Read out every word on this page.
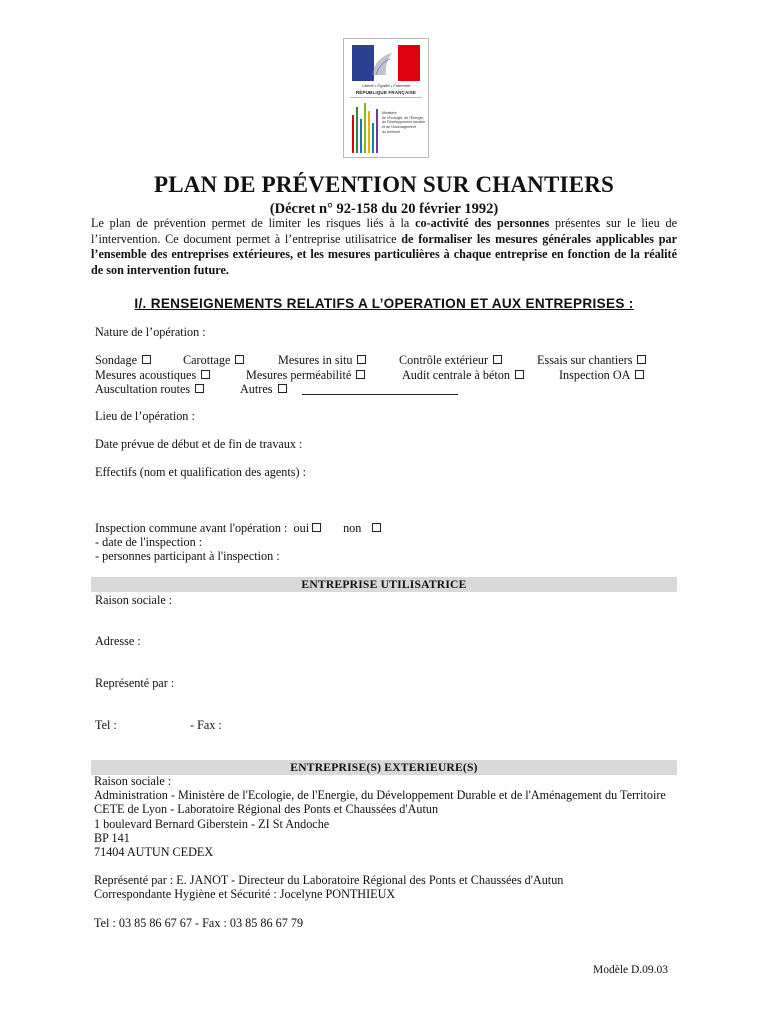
Liberté • Égalité • Fraternité
RÉPUBLIQUE FRANÇAISE
Ministère
de l'Écologie, de l'Énergie,
du Développement durable
et de l'Aménagement
du territoire
PLAN DE PRÉVENTION SUR CHANTIERS
(Décret n° 92-158 du 20 février 1992)
Le plan de prévention permet de limiter les risques liés à la co-activité des personnes présentes sur le lieu de l’intervention. Ce document permet à l’entreprise utilisatrice de formaliser les mesures générales applicables par l’ensemble des entreprises extérieures, et les mesures particulières à chaque entreprise en fonction de la réalité de son intervention future.
I/. RENSEIGNEMENTS RELATIFS A L’OPERATION ET AUX ENTREPRISES :
Nature de l’opération :
Sondage	Carottage	Mesures in situ	Contrôle extérieur	Essais sur chantiers
Mesures acoustiques	Mesures perméabilité	Audit centrale à béton	Inspection OA
Auscultation routes	Autres
Lieu de l’opération :
Date prévue de début et de fin de travaux :
Effectifs (nom et qualification des agents) :
Inspection commune avant l'opération : oui	non
- date de l'inspection :
- personnes participant à l'inspection :
ENTREPRISE UTILISATRICE
Raison sociale :
Adresse :
Représenté par :
Tel :	- Fax :
ENTREPRISE(S) EXTERIEURE(S)
Raison sociale :
Administration - Ministère de l'Ecologie, de l'Energie, du Développement Durable et de l'Aménagement du Territoire
CETE de Lyon - Laboratoire Régional des Ponts et Chaussées d'Autun
1 boulevard Bernard Giberstein - ZI St Andoche
BP 141
71404 AUTUN CEDEX
Représenté par : E. JANOT - Directeur du Laboratoire Régional des Ponts et Chaussées d'Autun
Correspondante Hygiène et Sécurité : Jocelyne PONTHIEUX
Tel : 03 85 86 67 67 - Fax : 03 85 86 67 79
Modèle D.09.03
